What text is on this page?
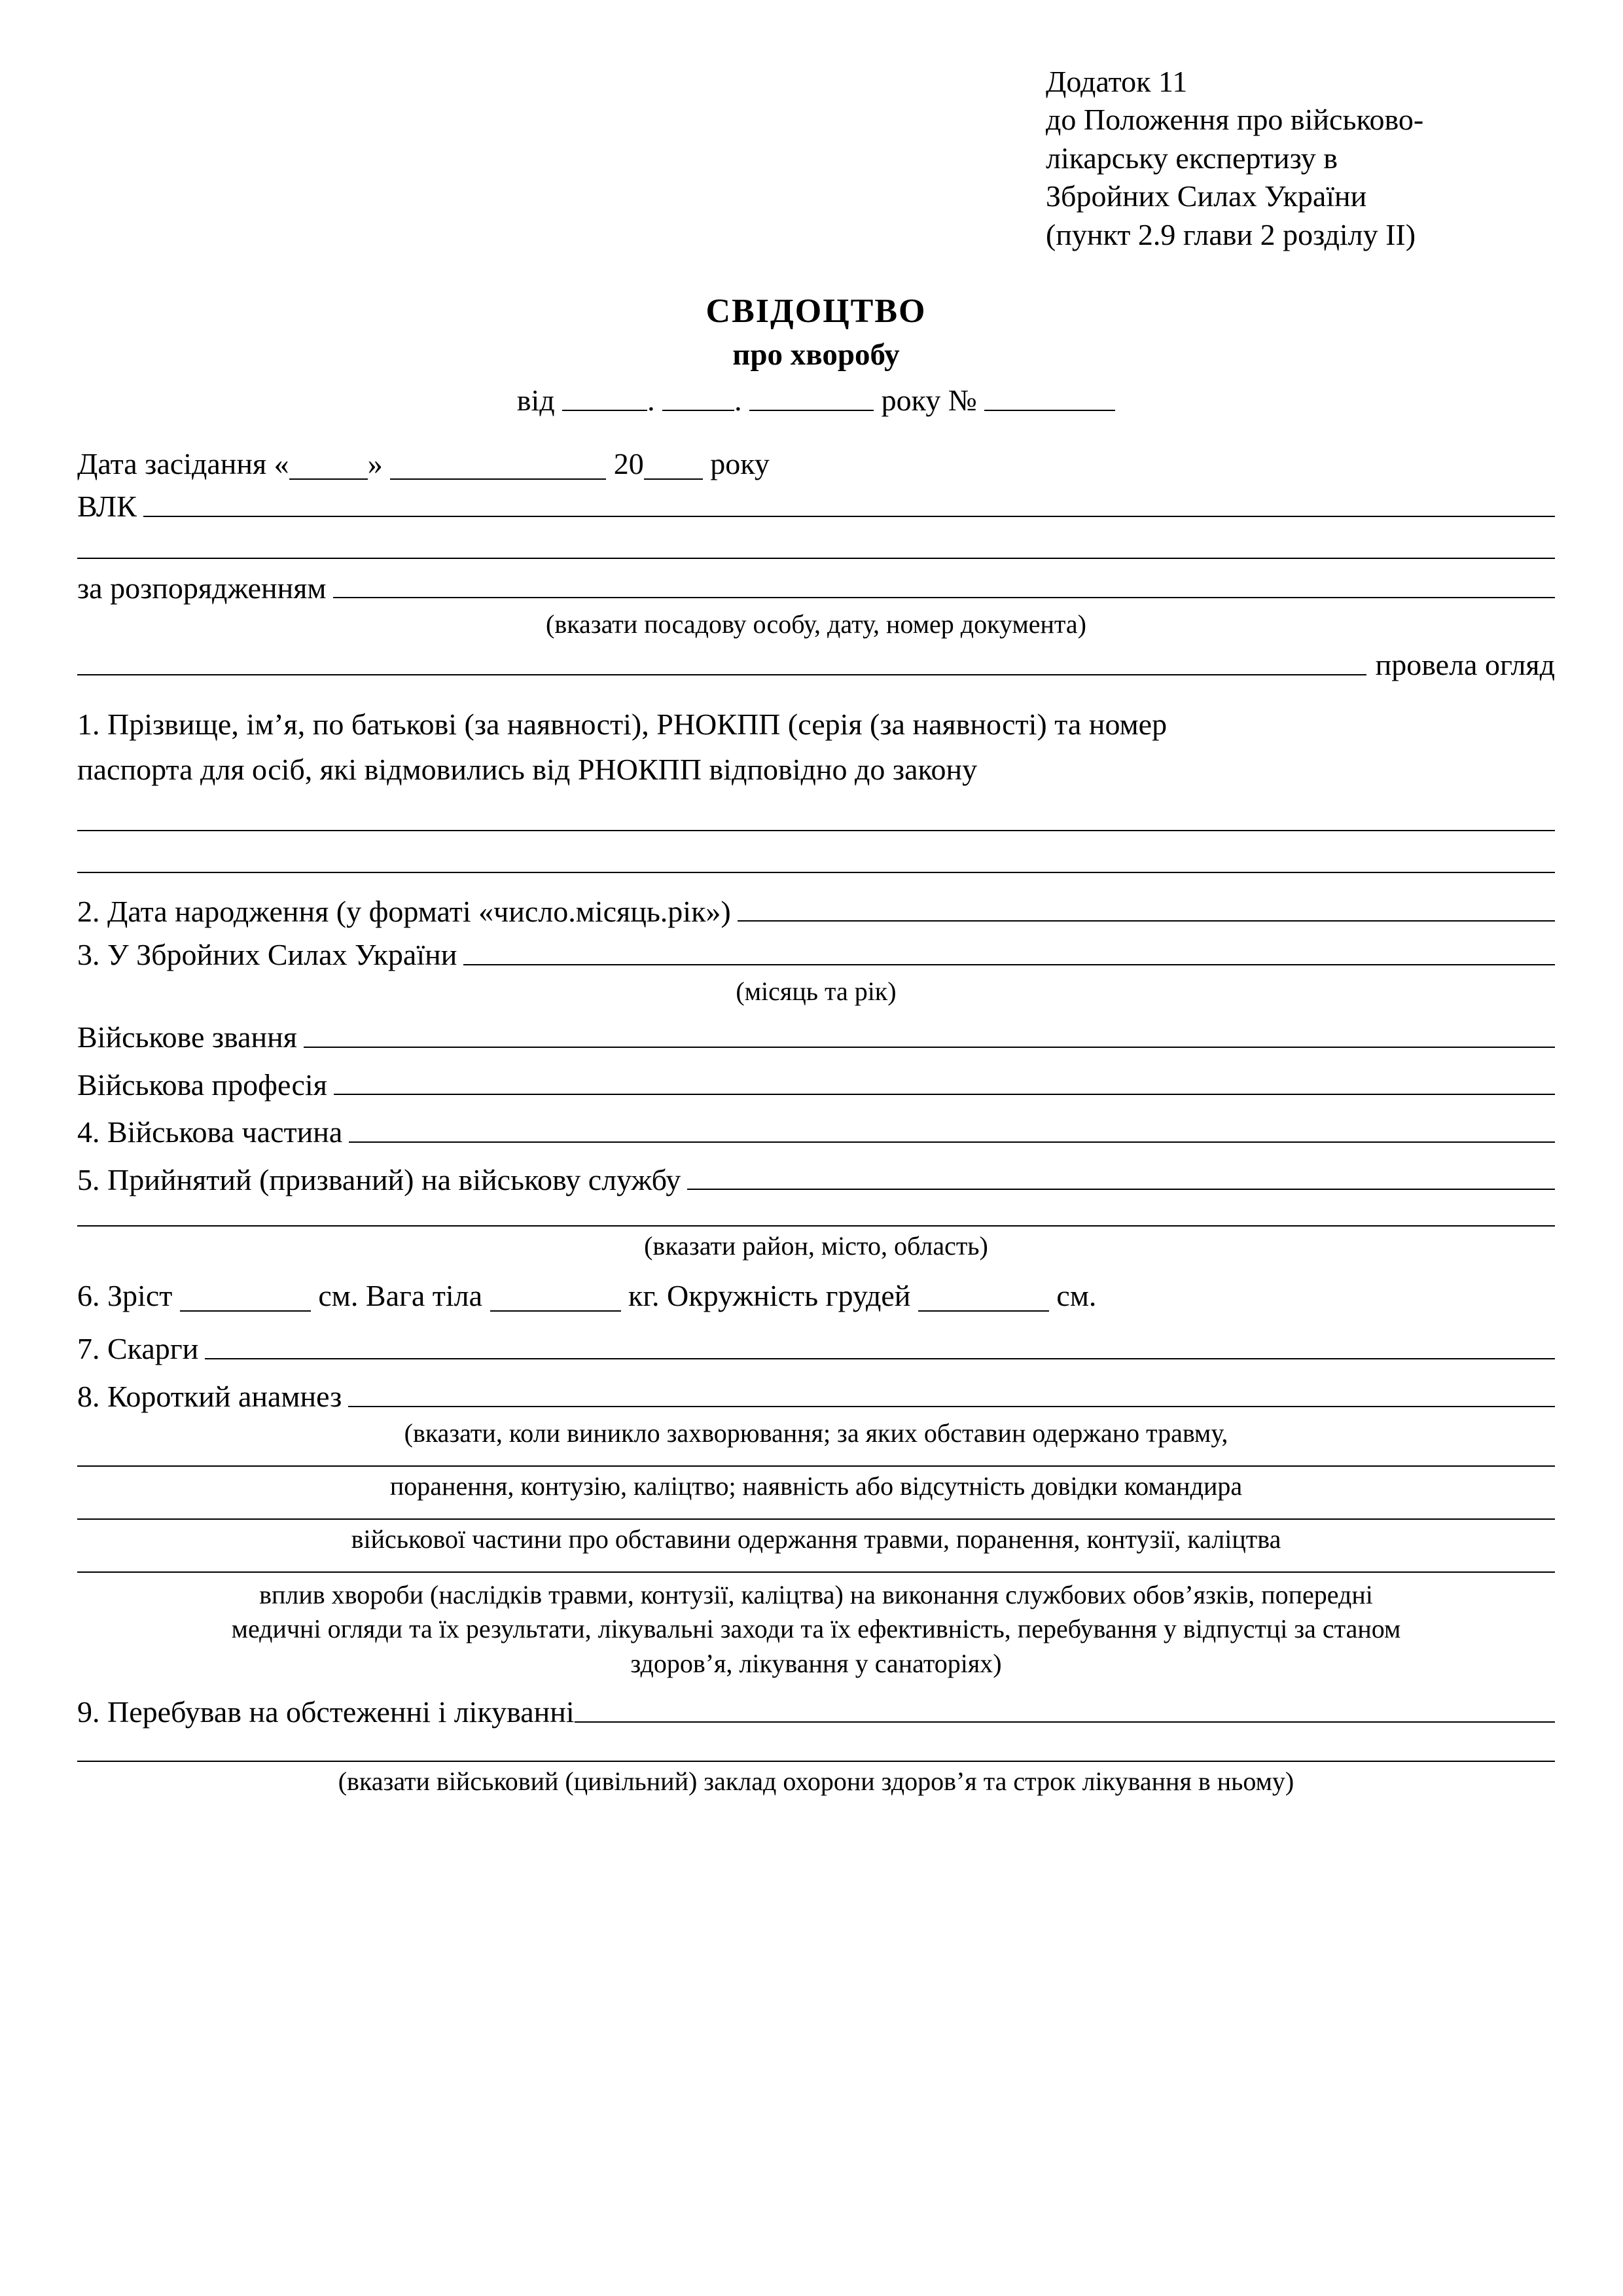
Додаток 11
до Положення про військово-
лікарську експертизу в
Збройних Силах України
(пункт 2.9 глави 2 розділу II)
СВІДОЦТВО
про хворобу
від	.	.	року №
Дата засідання «	»	20 року
ВЛК
за розпорядженням
(вказати посадову особу, дату, номер документа)
провела огляд
1. Прізвище, ім’я, по батькові (за наявності), РНОКПП (серія (за наявності) та номер
паспорта для осіб, які відмовились від РНОКПП відповідно до закону
2. Дата народження (у форматі «число.місяць.рік»)
3. У Збройних Силах України
(місяць та рік)
Військове звання
Військова професія
4. Військова частина
5. Прийнятий (призваний) на військову службу
(вказати район, місто, область)
6. Зріст	см. Вага тіла	кг. Окружність грудей	см.
7. Скарги
8. Короткий анамнез
(вказати, коли виникло захворювання; за яких обставин одержано травму,
поранення, контузію, каліцтво; наявність або відсутність довідки командира
військової частини про обставини одержання травми, поранення, контузії, каліцтва
вплив хвороби (наслідків травми, контузії, каліцтва) на виконання службових обов’язків, попередні
медичні огляди та їх результати, лікувальні заходи та їх ефективність, перебування у відпустці за станом
здоров’я, лікування у санаторіях)
9. Перебував на обстеженні і лікуванні
(вказати військовий (цивільний) заклад охорони здоров’я та строк лікування в ньому)
